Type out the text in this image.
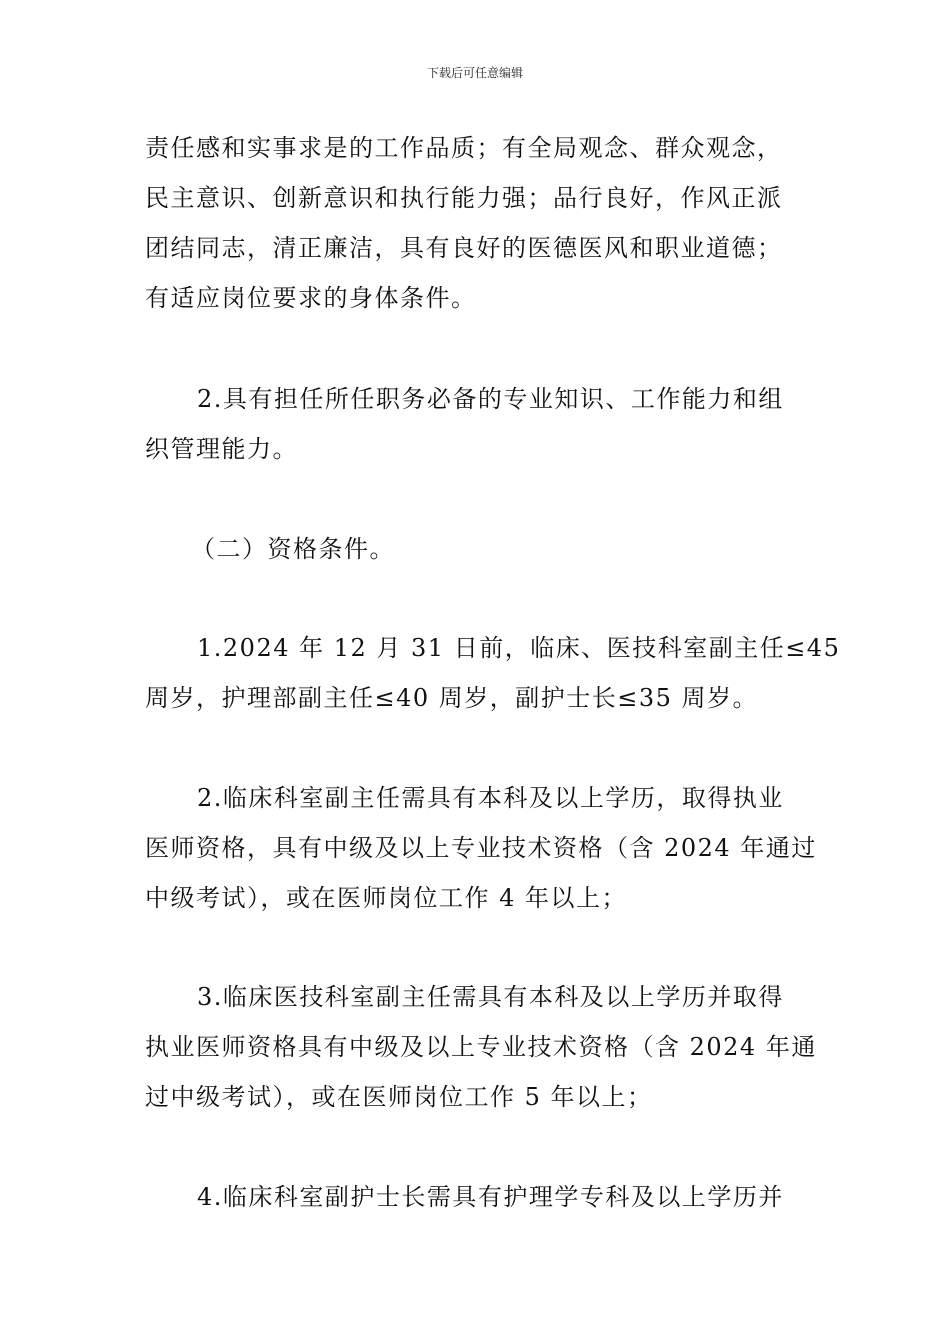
下载后可任意编辑
责任感和实事求是的工作品质；有全局观念、群众观念，
民主意识、创新意识和执行能力强；品行良好，作风正派
团结同志，清正廉洁，具有良好的医德医风和职业道德；
有适应岗位要求的身体条件。
2.具有担任所任职务必备的专业知识、工作能力和组
织管理能力。
（二）资格条件。
1.2024 年 12 月 31 日前，临床、医技科室副主任≤45
周岁，护理部副主任≤40 周岁，副护士长≤35 周岁。
2.临床科室副主任需具有本科及以上学历，取得执业
医师资格，具有中级及以上专业技术资格（含 2024 年通过
中级考试），或在医师岗位工作 4 年以上；
3.临床医技科室副主任需具有本科及以上学历并取得
执业医师资格具有中级及以上专业技术资格（含 2024 年通
过中级考试），或在医师岗位工作 5 年以上；
4.临床科室副护士长需具有护理学专科及以上学历并
